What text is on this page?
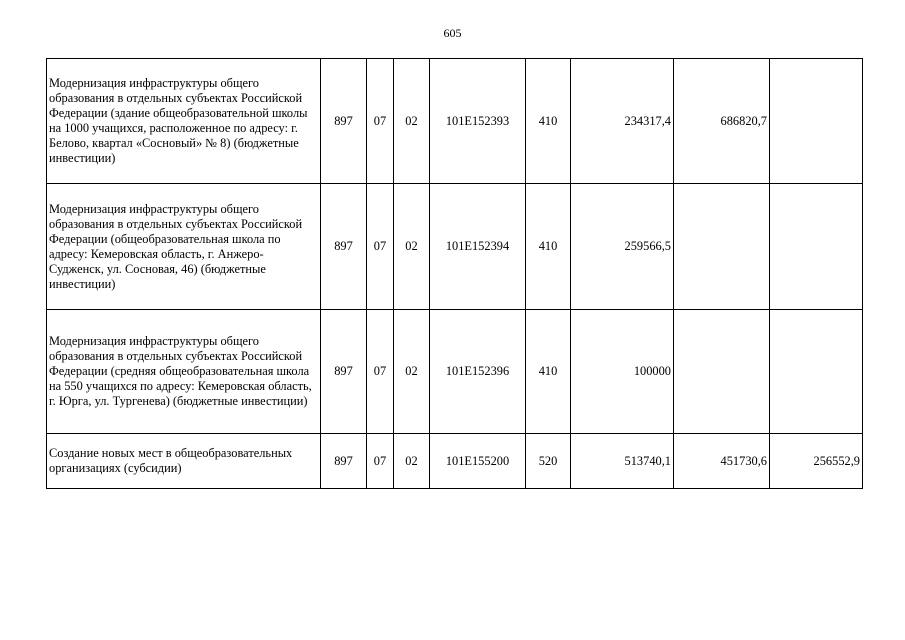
605
Модернизация инфраструктуры общего образования в отдельных субъектах Российской Федерации (здание общеобразовательной школы на 1000 учащихся, расположенное по адресу: г. Белово, квартал «Сосновый» № 8) (бюджетные инвестиции)	897	07	02	101E152393	410	234317,4	686820,7	
Модернизация инфраструктуры общего образования в отдельных субъектах Российской Федерации (общеобразовательная школа по адресу: Кемеровская область, г. Анжеро-Судженск, ул. Сосновая, 46) (бюджетные инвестиции)	897	07	02	101E152394	410	259566,5		
Модернизация инфраструктуры общего образования в отдельных субъектах Российской Федерации (средняя общеобразовательная школа на 550 учащихся по адресу: Кемеровская область, г. Юрга, ул. Тургенева) (бюджетные инвестиции)	897	07	02	101E152396	410	100000		
Создание новых мест в общеобразовательных организациях (субсидии)	897	07	02	101E155200	520	513740,1	451730,6	256552,9
